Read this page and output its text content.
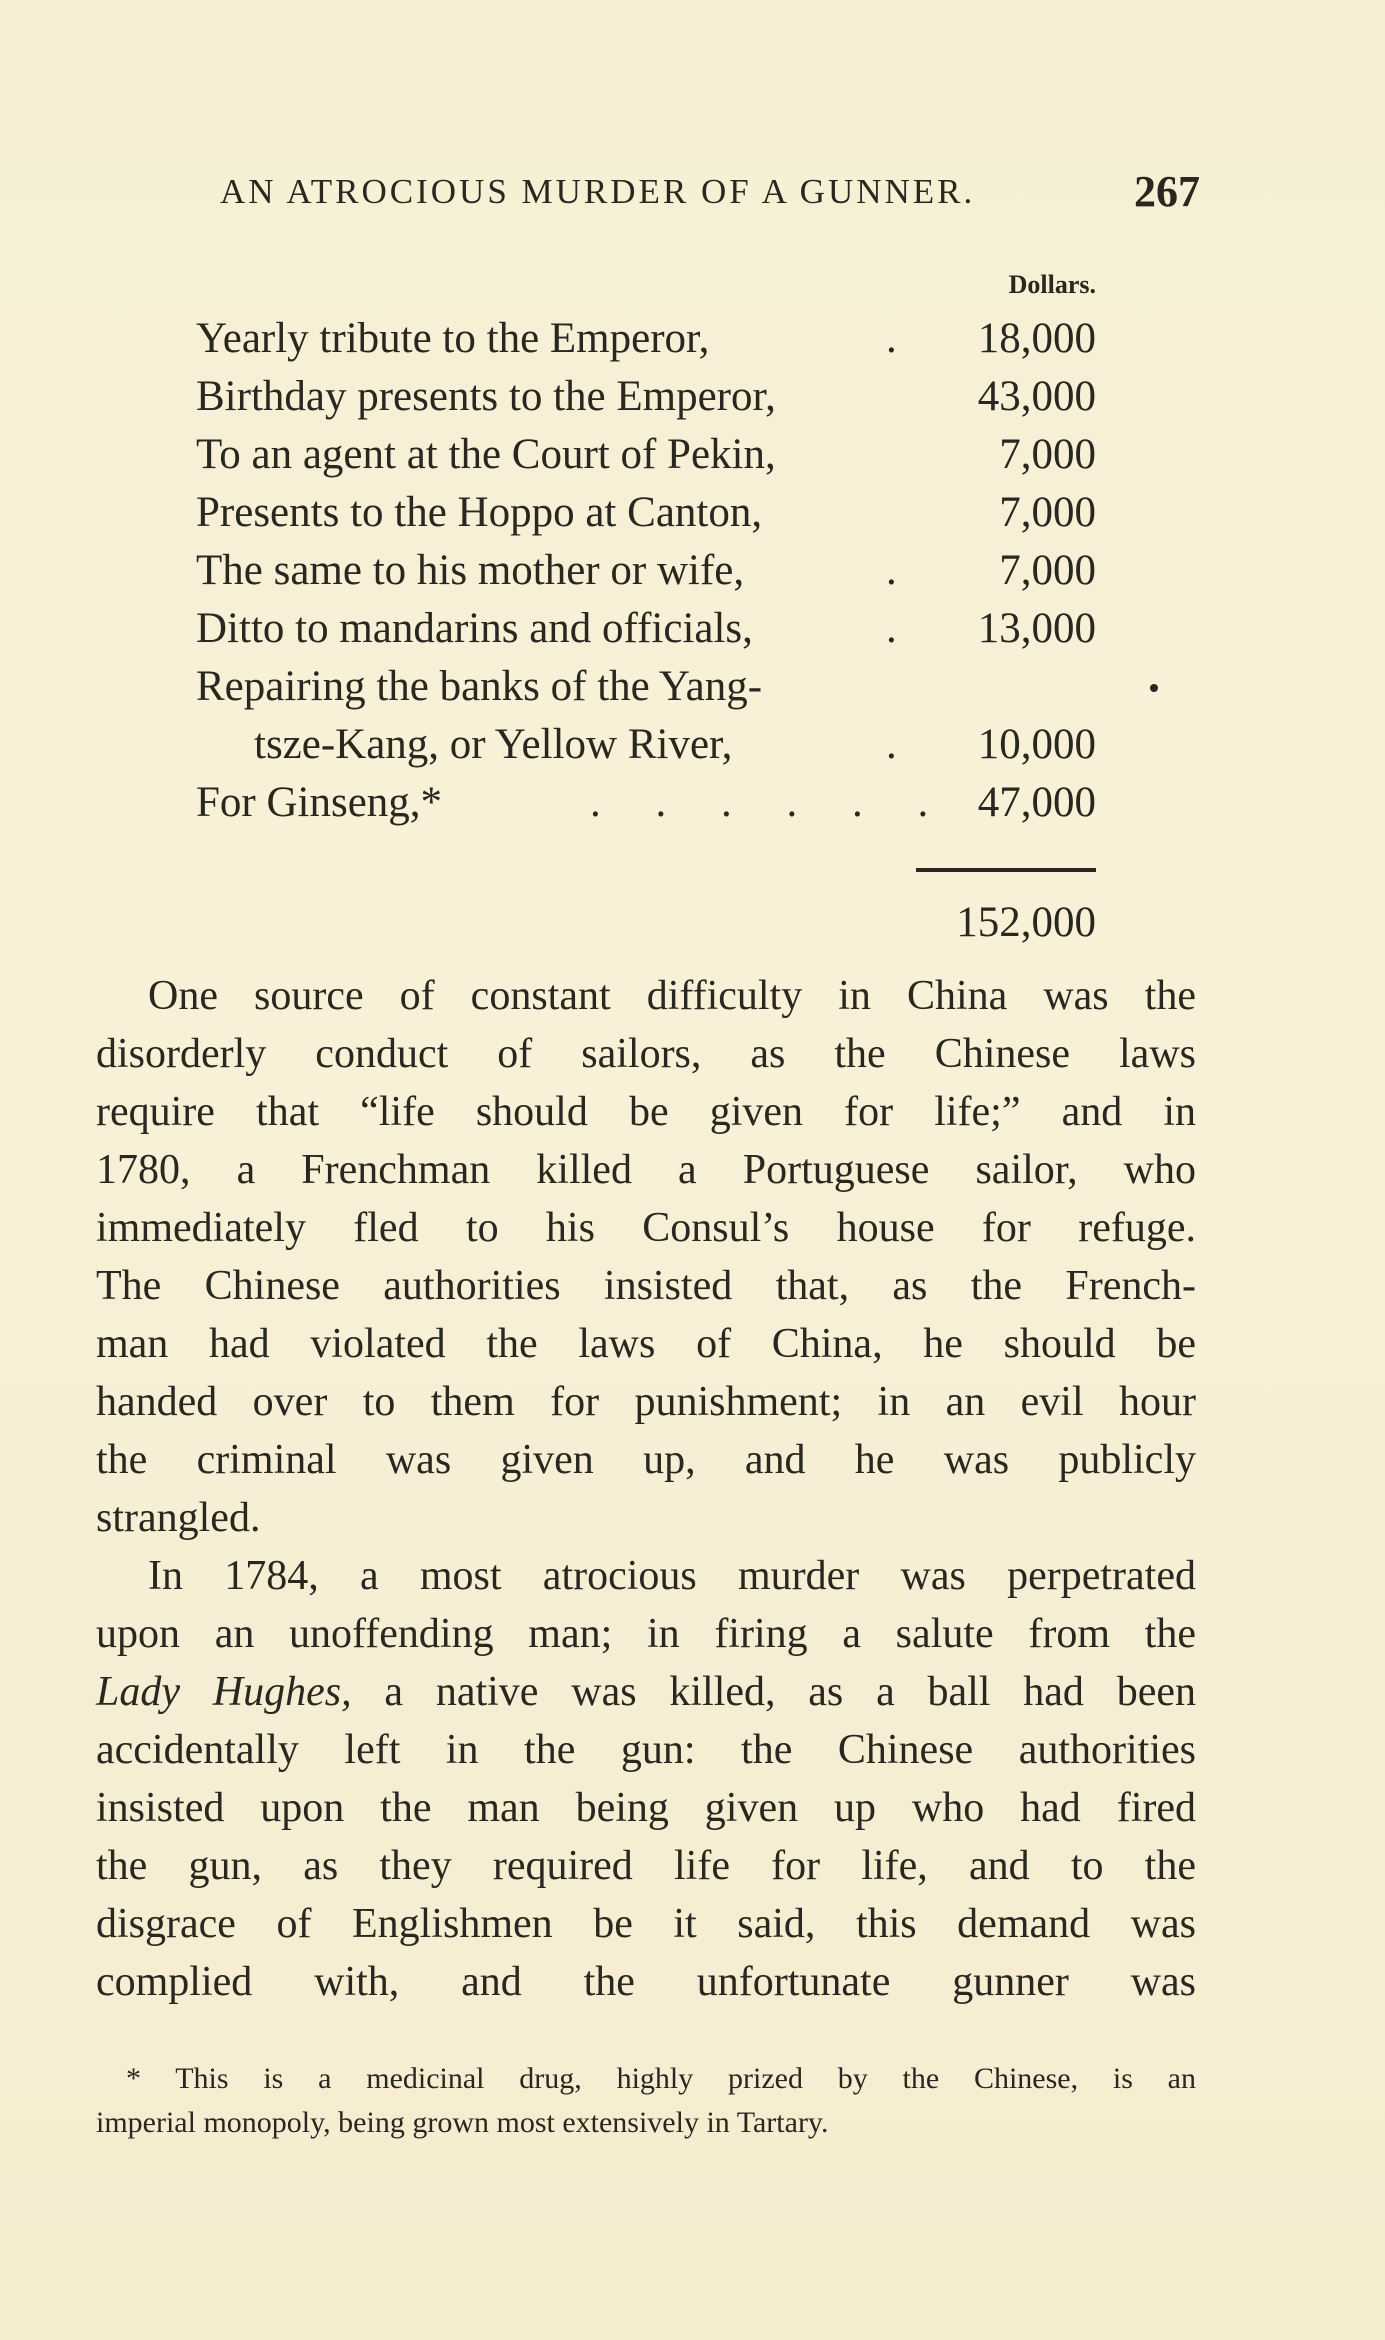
AN ATROCIOUS MURDER OF A GUNNER.	267
Dollars.
Yearly tribute to the Emperor,	.	18,000
Birthday presents to the Emperor,	43,000
To an agent at the Court of Pekin,	7,000
Presents to the Hoppo at Canton,	7,000
The same to his mother or wife,	.	7,000
Ditto to mandarins and officials,	.	13,000
Repairing the banks of the Yang-
tsze-Kang, or Yellow River,	.	10,000
For Ginseng,*	. . . . . . 47,000
152,000
One source of constant difficulty in China was the
disorderly conduct of sailors, as the Chinese laws
require that “life should be given for life;” and in
1780, a Frenchman killed a Portuguese sailor, who
immediately fled to his Consul’s house for refuge.
The Chinese authorities insisted that, as the French-
man had violated the laws of China, he should be
handed over to them for punishment; in an evil hour
the criminal was given up, and he was publicly
strangled.
In 1784, a most atrocious murder was perpetrated
upon an unoffending man; in firing a salute from the
Lady Hughes, a native was killed, as a ball had been
accidentally left in the gun: the Chinese authorities
insisted upon the man being given up who had fired
the gun, as they required life for life, and to the
disgrace of Englishmen be it said, this demand was
complied with, and the unfortunate gunner was
* This is a medicinal drug, highly prized by the Chinese, is an
imperial monopoly, being grown most extensively in Tartary.
